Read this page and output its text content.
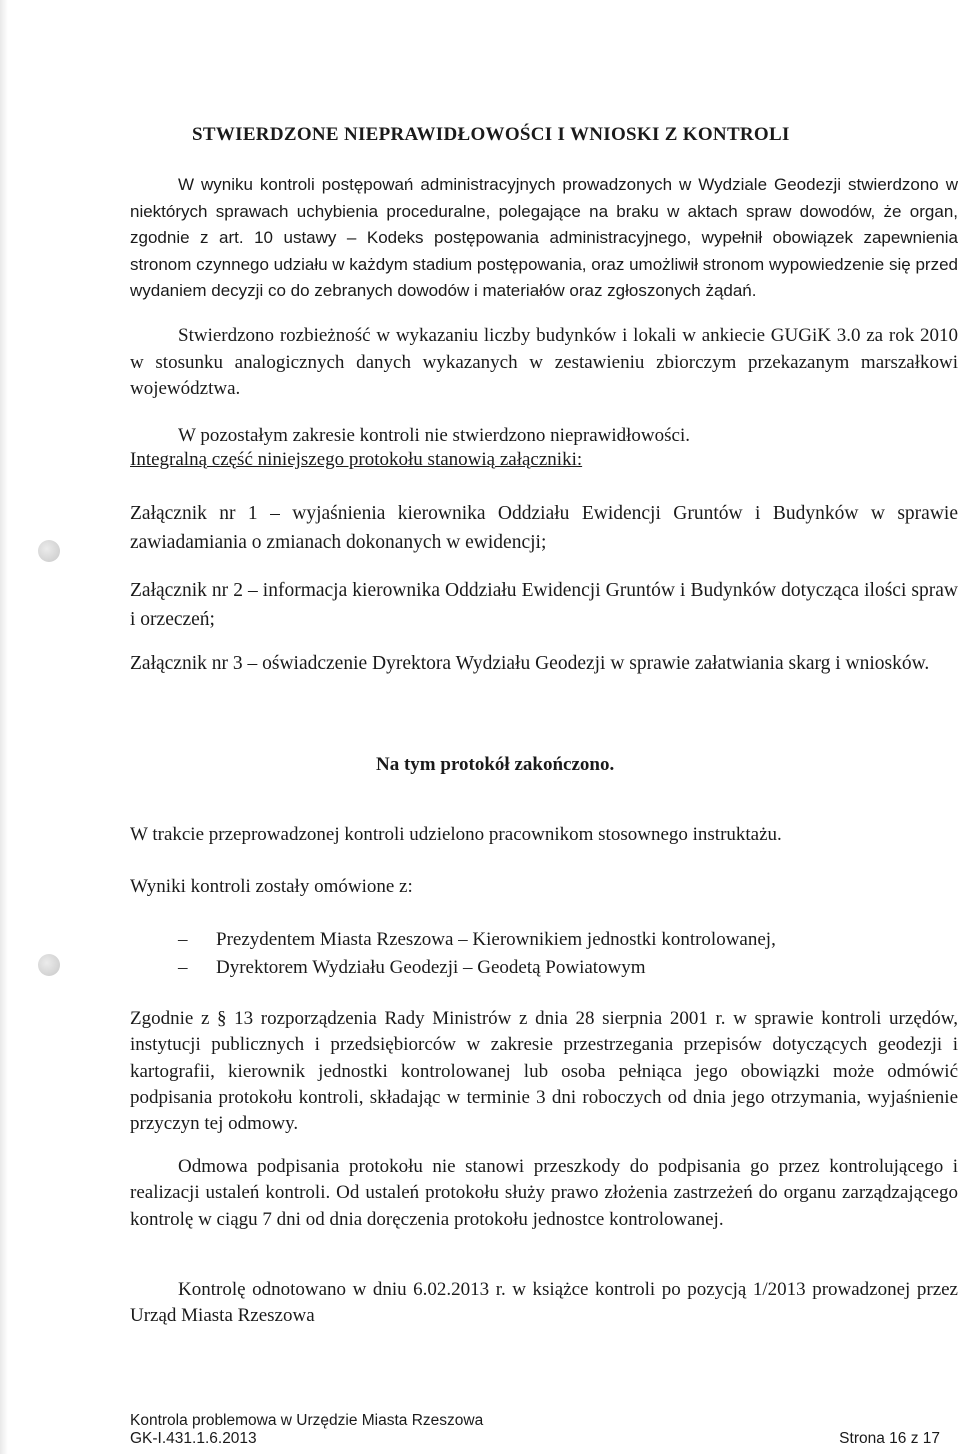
STWIERDZONE NIEPRAWIDŁOWOŚCI I WNIOSKI Z KONTROLI

W wyniku kontroli postępowań administracyjnych prowadzonych w Wydziale Geodezji stwierdzono w niektórych sprawach uchybienia proceduralne, polegające na braku w aktach spraw dowodów, że organ, zgodnie z art. 10 ustawy – Kodeks postępowania administracyjnego, wypełnił obowiązek zapewnienia stronom czynnego udziału w każdym stadium postępowania, oraz umożliwił stronom wypowiedzenie się przed wydaniem decyzji co do zebranych dowodów i materiałów oraz zgłoszonych żądań.

Stwierdzono rozbieżność w wykazaniu liczby budynków i lokali w ankiecie GUGiK 3.0 za rok 2010 w stosunku analogicznych danych wykazanych w zestawieniu zbiorczym przekazanym marszałkowi województwa.

W pozostałym zakresie kontroli nie stwierdzono nieprawidłowości.

Integralną część niniejszego protokołu stanowią załączniki:

Załącznik nr 1 – wyjaśnienia kierownika Oddziału Ewidencji Gruntów i Budynków w sprawie zawiadamiania o zmianach dokonanych w ewidencji;

Załącznik nr 2 – informacja kierownika Oddziału Ewidencji Gruntów i Budynków dotycząca ilości spraw i orzeczeń;

Załącznik nr 3 – oświadczenie Dyrektora Wydziału Geodezji w sprawie załatwiania skarg i wniosków.

Na tym protokół zakończono.

W trakcie przeprowadzonej kontroli udzielono pracownikom stosownego instruktażu.

Wyniki kontroli zostały omówione z:

– Prezydentem Miasta Rzeszowa – Kierownikiem jednostki kontrolowanej,
– Dyrektorem Wydziału Geodezji – Geodetą Powiatowym

Zgodnie z § 13 rozporządzenia Rady Ministrów z dnia 28 sierpnia 2001 r. w sprawie kontroli urzędów, instytucji publicznych i przedsiębiorców w zakresie przestrzegania przepisów dotyczących geodezji i kartografii, kierownik jednostki kontrolowanej lub osoba pełniąca jego obowiązki może odmówić podpisania protokołu kontroli, składając w terminie 3 dni roboczych od dnia jego otrzymania, wyjaśnienie przyczyn tej odmowy.

Odmowa podpisania protokołu nie stanowi przeszkody do podpisania go przez kontrolującego i realizacji ustaleń kontroli. Od ustaleń protokołu służy prawo złożenia zastrzeżeń do organu zarządzającego kontrolę w ciągu 7 dni od dnia doręczenia protokołu jednostce kontrolowanej.

Kontrolę odnotowano w dniu 6.02.2013 r. w książce kontroli po pozycją 1/2013 prowadzonej przez Urząd Miasta Rzeszowa

Kontrola problemowa w Urzędzie Miasta Rzeszowa
GK-I.431.1.6.2013	Strona 16 z 17
